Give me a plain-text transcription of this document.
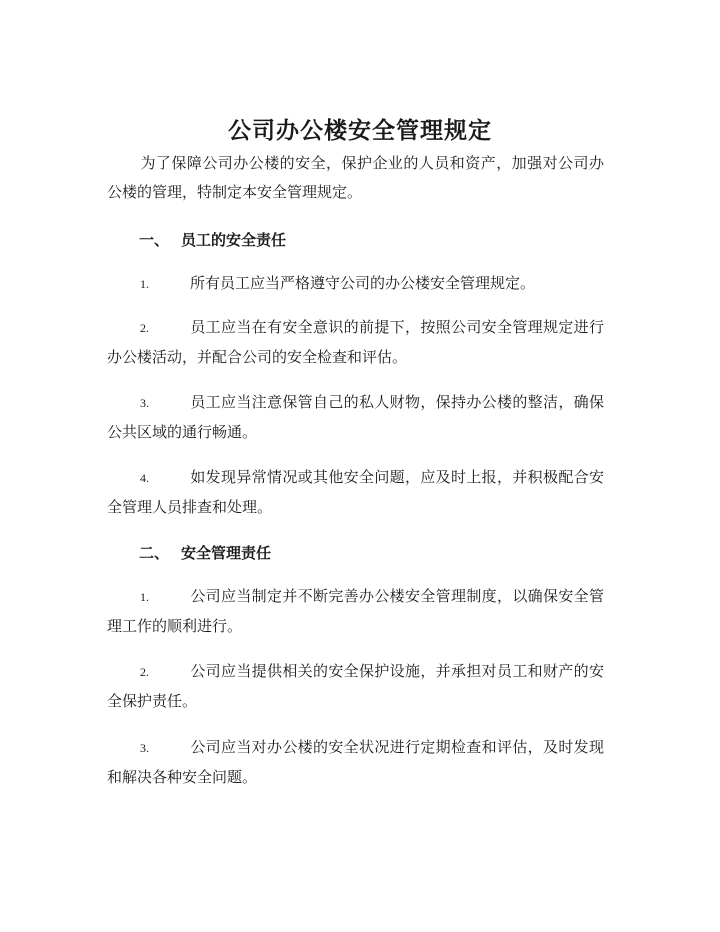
公司办公楼安全管理规定
为了保障公司办公楼的安全，保护企业的人员和资产，加强对公司办公楼的管理，特制定本安全管理规定。
一、 员工的安全责任
1.	所有员工应当严格遵守公司的办公楼安全管理规定。
2.	员工应当在有安全意识的前提下，按照公司安全管理规定进行办公楼活动，并配合公司的安全检查和评估。
3.	员工应当注意保管自己的私人财物，保持办公楼的整洁，确保公共区域的通行畅通。
4.	如发现异常情况或其他安全问题，应及时上报，并积极配合安全管理人员排查和处理。
二、 安全管理责任
1.	公司应当制定并不断完善办公楼安全管理制度，以确保安全管理工作的顺利进行。
2.	公司应当提供相关的安全保护设施，并承担对员工和财产的安全保护责任。
3.	公司应当对办公楼的安全状况进行定期检查和评估，及时发现和解决各种安全问题。
